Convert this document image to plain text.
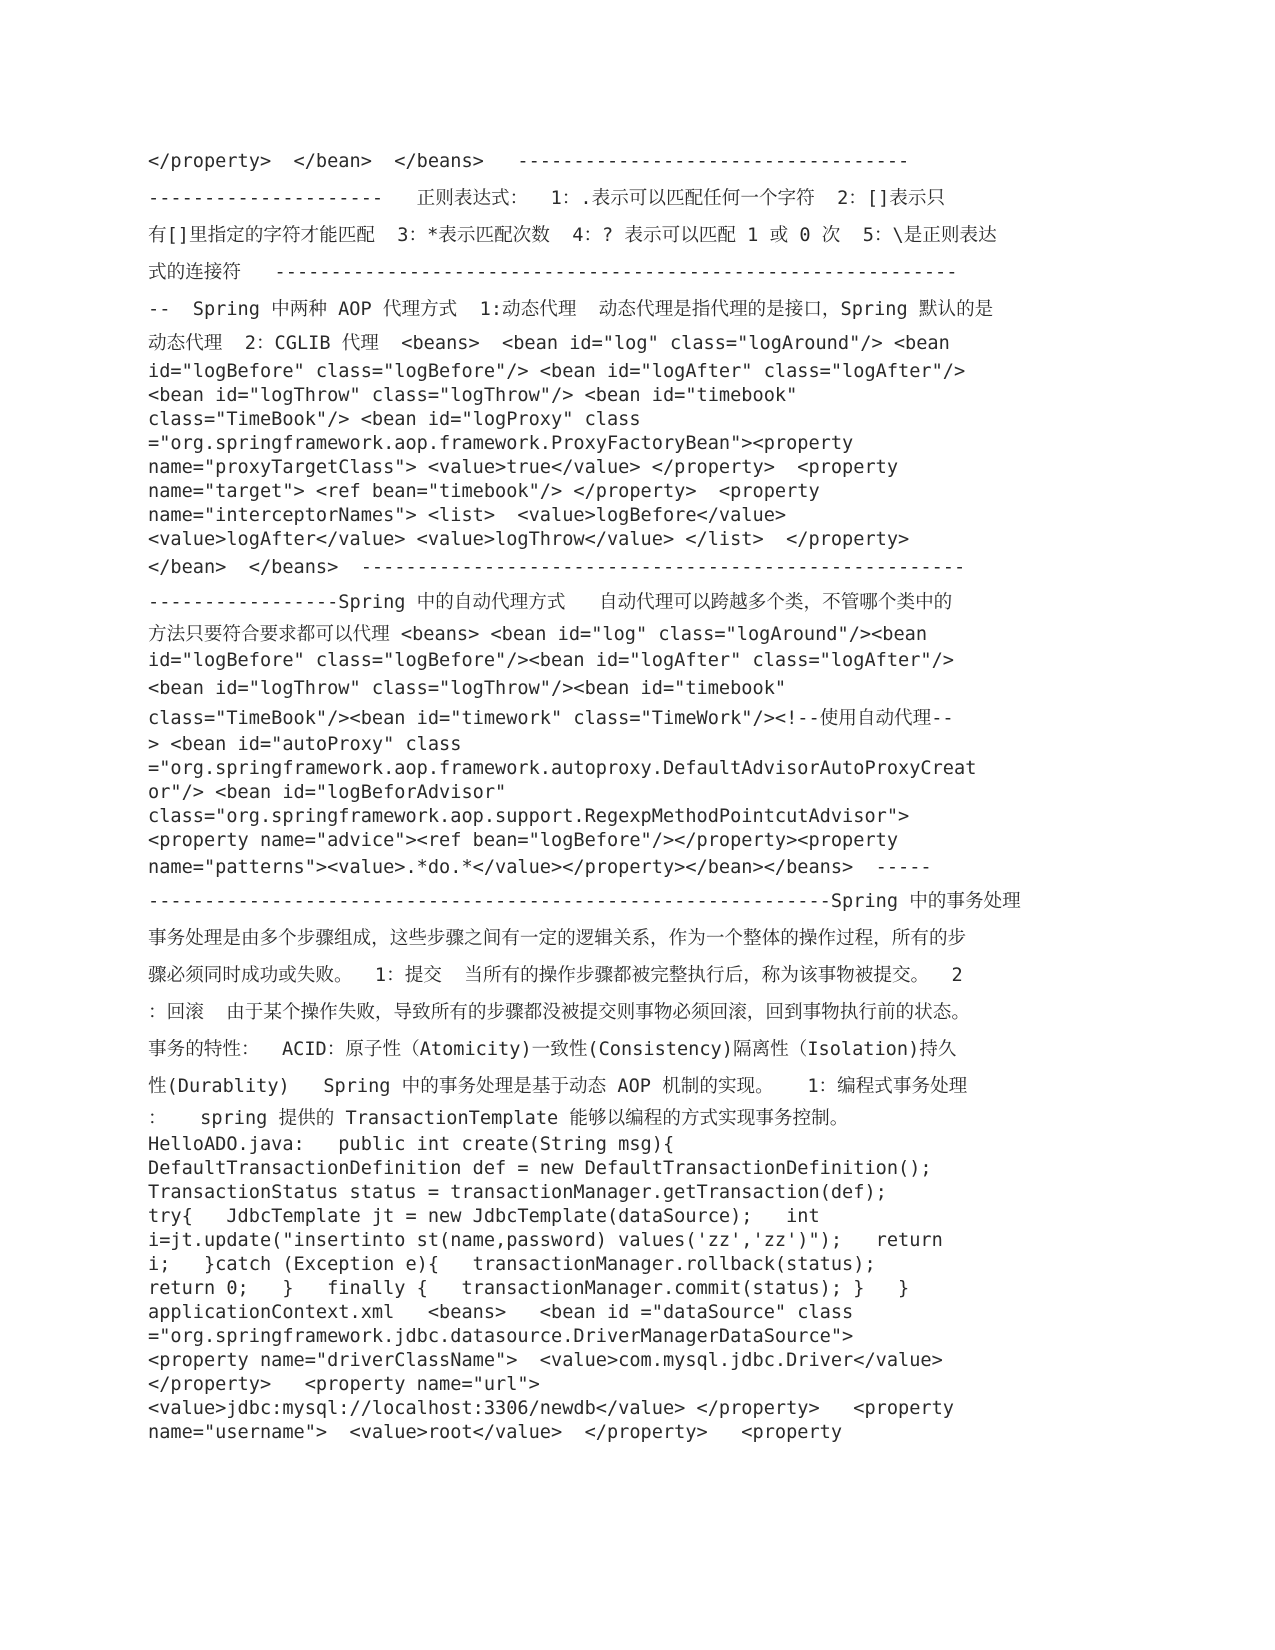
</property>  </bean>  </beans>   -----------------------------------
---------------------   正则表达式：  1：.表示可以匹配任何一个字符  2：[]表示只
有[]里指定的字符才能匹配  3：*表示匹配次数  4：? 表示可以匹配 1 或 0 次  5：\是正则表达
式的连接符   -------------------------------------------------------------
--  Spring 中两种 AOP 代理方式  1:动态代理  动态代理是指代理的是接口，Spring 默认的是
动态代理  2：CGLIB 代理  <beans>  <bean id="log" class="logAround"/> <bean
id="logBefore" class="logBefore"/> <bean id="logAfter" class="logAfter"/>
<bean id="logThrow" class="logThrow"/> <bean id="timebook"
class="TimeBook"/> <bean id="logProxy" class
="org.springframework.aop.framework.ProxyFactoryBean"><property
name="proxyTargetClass"> <value>true</value> </property>  <property
name="target"> <ref bean="timebook"/> </property>  <property
name="interceptorNames"> <list>  <value>logBefore</value>
<value>logAfter</value> <value>logThrow</value> </list>  </property>
</bean>  </beans>  ------------------------------------------------------
-----------------Spring 中的自动代理方式   自动代理可以跨越多个类，不管哪个类中的
方法只要符合要求都可以代理 <beans> <bean id="log" class="logAround"/><bean
id="logBefore" class="logBefore"/><bean id="logAfter" class="logAfter"/>
<bean id="logThrow" class="logThrow"/><bean id="timebook"
class="TimeBook"/><bean id="timework" class="TimeWork"/><!--使用自动代理--
> <bean id="autoProxy" class
="org.springframework.aop.framework.autoproxy.DefaultAdvisorAutoProxyCreat
or"/> <bean id="logBeforAdvisor"
class="org.springframework.aop.support.RegexpMethodPointcutAdvisor">
<property name="advice"><ref bean="logBefore"/></property><property
name="patterns"><value>.*do.*</value></property></bean></beans>  -----
-------------------------------------------------------------Spring 中的事务处理
事务处理是由多个步骤组成，这些步骤之间有一定的逻辑关系，作为一个整体的操作过程，所有的步
骤必须同时成功或失败。  1：提交  当所有的操作步骤都被完整执行后，称为该事物被提交。  2
：回滚  由于某个操作失败，导致所有的步骤都没被提交则事物必须回滚，回到事物执行前的状态。
事务的特性：  ACID：原子性（Atomicity)一致性(Consistency)隔离性（Isolation)持久
性(Durablity)   Spring 中的事务处理是基于动态 AOP 机制的实现。   1：编程式事务处理
：   spring 提供的 TransactionTemplate 能够以编程的方式实现事务控制。
HelloADO.java:   public int create(String msg){
DefaultTransactionDefinition def = new DefaultTransactionDefinition();
TransactionStatus status = transactionManager.getTransaction(def);
try{   JdbcTemplate jt = new JdbcTemplate(dataSource);   int
i=jt.update("insertinto st(name,password) values('zz','zz')");   return
i;   }catch (Exception e){   transactionManager.rollback(status);
return 0;   }   finally {   transactionManager.commit(status); }   }
applicationContext.xml   <beans>   <bean id ="dataSource" class
="org.springframework.jdbc.datasource.DriverManagerDataSource">
<property name="driverClassName">  <value>com.mysql.jdbc.Driver</value>
</property>   <property name="url">
<value>jdbc:mysql://localhost:3306/newdb</value> </property>   <property
name="username">  <value>root</value>  </property>   <property
